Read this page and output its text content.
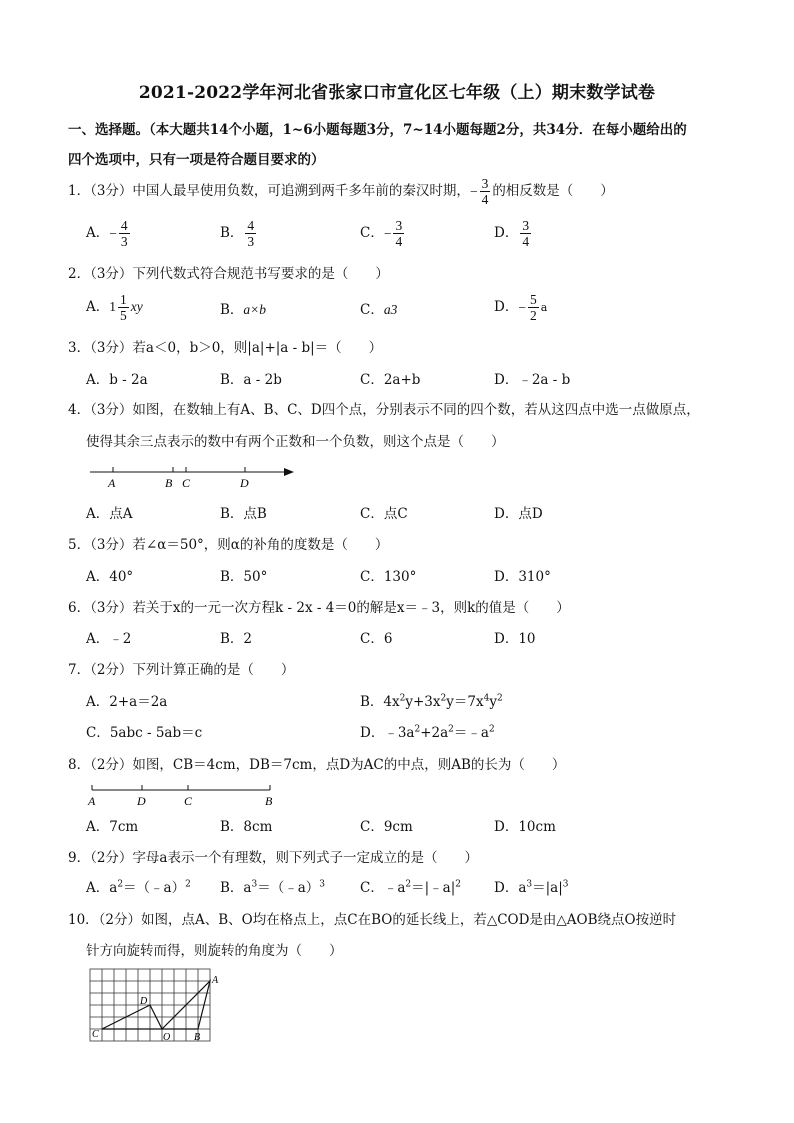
2021-2022学年河北省张家口市宣化区七年级（上）期末数学试卷
一、选择题。（本大题共14个小题，1~6小题每题3分，7~14小题每题2分，共34分．在每小题给出的
四个选项中，只有一项是符合题目要求的）
1．（3分）中国人最早使用负数，可追溯到两千多年前的秦汉时期，− $\frac{3}{4}$ 的相反数是（　　）
A．− $\frac{4}{3}$	B． $\frac{4}{3}$	C．− $\frac{3}{4}$	D． $\frac{3}{4}$
2．（3分）下列代数式符合规范书写要求的是（　　）
A．$1 \frac{1}{5}$ xy	B．a×b	C．a3	D．− $\frac{5}{2}$ a
3．（3分）若a＜0，b＞0，则|a|+|a - b|＝（　　）
A．b - 2a	B．a - 2b	C．2a+b	D．﹣2a - b
4．（3分）如图，在数轴上有A、B、C、D四个点，分别表示不同的四个数，若从这四点中选一点做原点，
使得其余三点表示的数中有两个正数和一个负数，则这个点是（　　）
A	B C	D
A．点A	B．点B	C．点C	D．点D
5．（3分）若∠α＝50°，则α的补角的度数是（　　）
A．40°	B．50°	C．130°	D．310°
6．（3分）若关于x的一元一次方程k - 2x - 4＝0的解是x＝﹣3，则k的值是（　　）
A．﹣2	B．2	C．6	D．10
7．（2分）下列计算正确的是（　　）
A．2+a＝2a	B．$4x^2y+3x^2y=7x^4y^2$
C．5abc - 5ab＝c	D．$﹣3a^2+2a^2=﹣a^2$
8．（2分）如图，CB＝4cm，DB＝7cm，点D为AC的中点，则AB的长为（　　）
A	D	C	B
A．7cm	B．8cm	C．9cm	D．10cm
9．（2分）字母a表示一个有理数，则下列式子一定成立的是（　　）
A．$a^2=(﹣a)^2$ B．$a^3=(﹣a)^3$	C．$﹣a^2=|﹣a|^2$ D．$a^3=|a|^3$
10．（2分）如图，点A、B、O均在格点上，点C在BO的延长线上，若△COD是由△AOB绕点O按逆时
针方向旋转而得，则旋转的角度为（　　）
A
B
C
D
O
